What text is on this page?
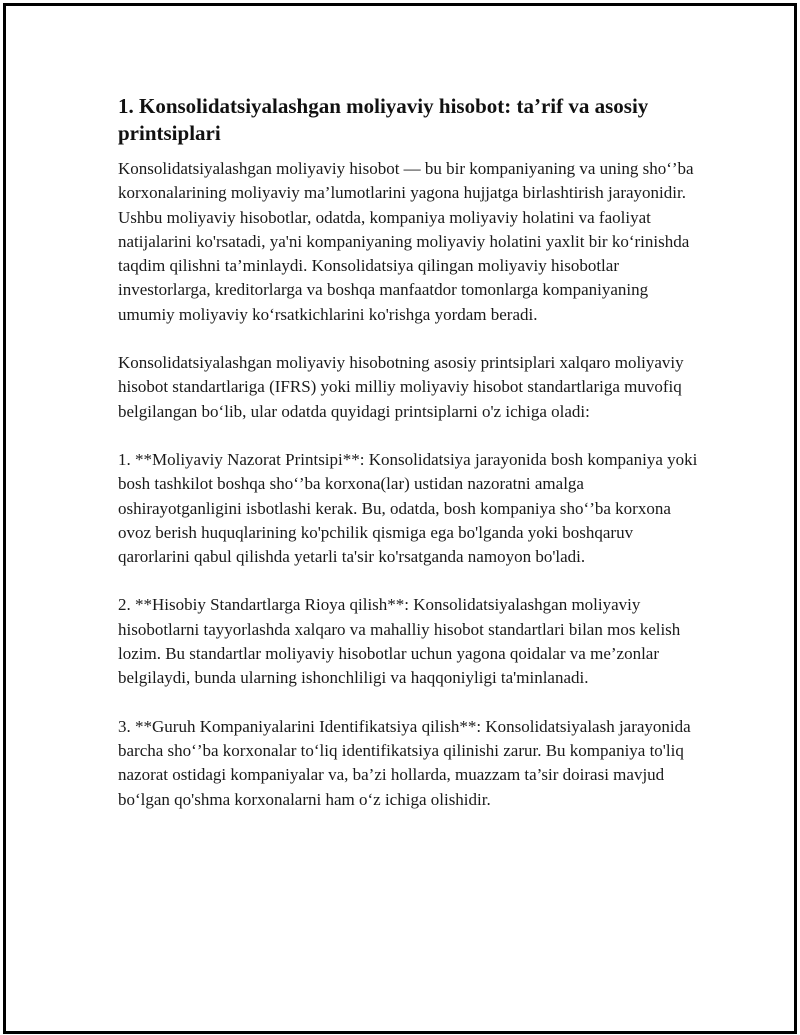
1. Konsolidatsiyalashgan moliyaviy hisobot: ta’rif va asosiy printsiplari

Konsolidatsiyalashgan moliyaviy hisobot — bu bir kompaniyaning va uning sho‘’ba korxonalarining moliyaviy ma’lumotlarini yagona hujjatga birlashtirish jarayonidir. Ushbu moliyaviy hisobotlar, odatda, kompaniya moliyaviy holatini va faoliyat natijalarini ko'rsatadi, ya'ni kompaniyaning moliyaviy holatini yaxlit bir ko‘rinishda taqdim qilishni ta’minlaydi. Konsolidatsiya qilingan moliyaviy hisobotlar investorlarga, kreditorlarga va boshqa manfaatdor tomonlarga kompaniyaning umumiy moliyaviy ko‘rsatkichlarini ko'rishga yordam beradi.

Konsolidatsiyalashgan moliyaviy hisobotning asosiy printsiplari xalqaro moliyaviy hisobot standartlariga (IFRS) yoki milliy moliyaviy hisobot standartlariga muvofiq belgilangan bo‘lib, ular odatda quyidagi printsiplarni o'z ichiga oladi:

1. **Moliyaviy Nazorat Printsipi**: Konsolidatsiya jarayonida bosh kompaniya yoki bosh tashkilot boshqa sho‘’ba korxona(lar) ustidan nazoratni amalga oshirayotganligini isbotlashi kerak. Bu, odatda, bosh kompaniya sho‘’ba korxona ovoz berish huquqlarining ko'pchilik qismiga ega bo'lganda yoki boshqaruv qarorlarini qabul qilishda yetarli ta'sir ko'rsatganda namoyon bo'ladi.

2. **Hisobiy Standartlarga Rioya qilish**: Konsolidatsiyalashgan moliyaviy hisobotlarni tayyorlashda xalqaro va mahalliy hisobot standartlari bilan mos kelish lozim. Bu standartlar moliyaviy hisobotlar uchun yagona qoidalar va me’zonlar belgilaydi, bunda ularning ishonchliligi va haqqoniyligi ta'minlanadi.

3. **Guruh Kompaniyalarini Identifikatsiya qilish**: Konsolidatsiyalash jarayonida barcha sho‘’ba korxonalar to‘liq identifikatsiya qilinishi zarur. Bu kompaniya to'liq nazorat ostidagi kompaniyalar va, ba’zi hollarda, muazzam ta’sir doirasi mavjud bo‘lgan qo'shma korxonalarni ham o‘z ichiga olishidir.
